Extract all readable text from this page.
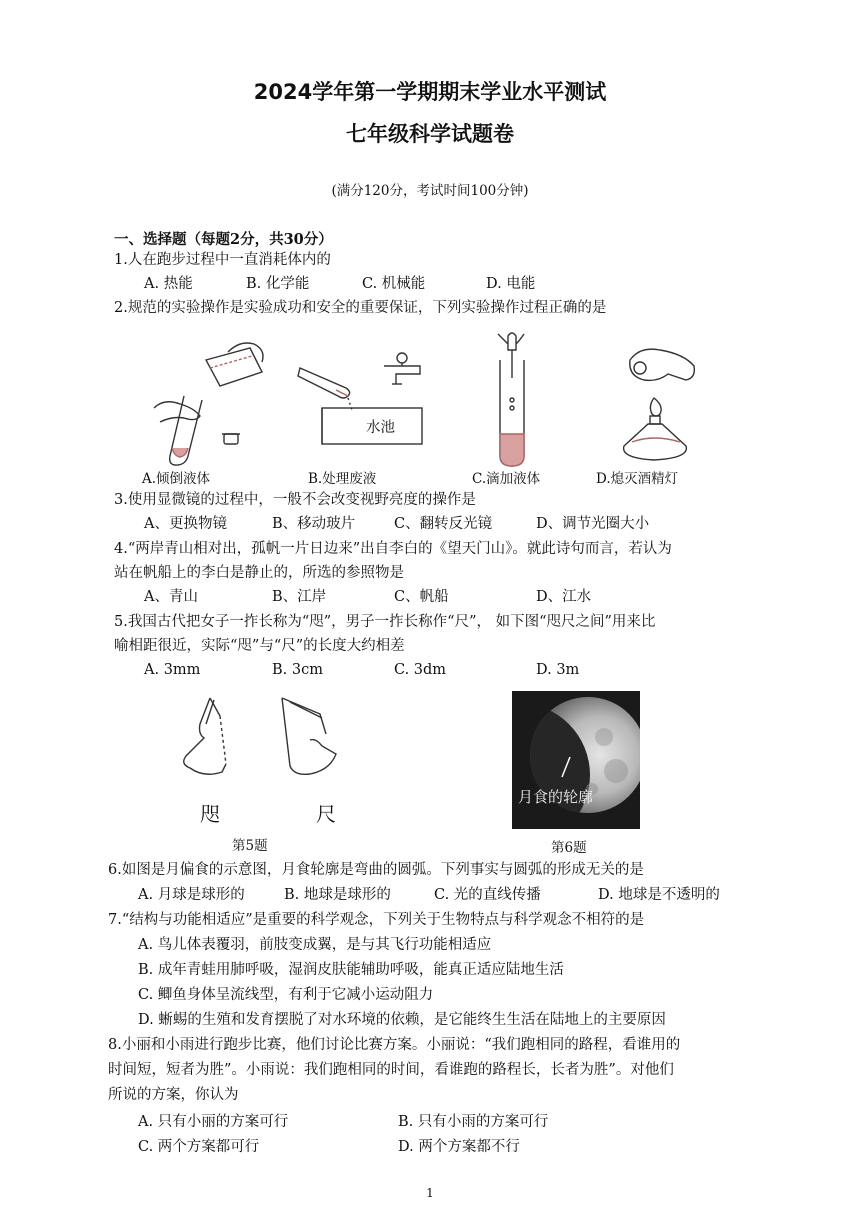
2024学年第一学期期末学业水平测试
七年级科学试题卷
(满分120分，考试时间100分钟)
一、选择题（每题2分，共30分）
1.人在跑步过程中一直消耗体内的
A. 热能	B. 化学能	C. 机械能	D. 电能
2.规范的实验操作是实验成功和安全的重要保证，下列实验操作过程正确的是
A.倾倒液体
水池
B.处理废液	C.滴加液体	D.熄灭酒精灯
3.使用显微镜的过程中，一般不会改变视野亮度的操作是
A、更换物镜	B、移动玻片	C、翻转反光镜	D、调节光圈大小
4.“两岸青山相对出，孤帆一片日边来”出自李白的《望天门山》。就此诗句而言，若认为
站在帆船上的李白是静止的，所选的参照物是
A、青山	B、江岸	C、帆船	D、江水
5.我国古代把女子一拃长称为“咫”，男子一拃长称作“尺”， 如下图“咫尺之间”用来比
喻相距很近，实际“咫”与“尺”的长度大约相差
A. 3mm	B. 3cm	C. 3dm	D. 3m
咫	尺
第5题
月食的轮廓
第6题
6.如图是月偏食的示意图，月食轮廓是弯曲的圆弧。下列事实与圆弧的形成无关的是
A. 月球是球形的	B. 地球是球形的	C. 光的直线传播	D. 地球是不透明的
7.“结构与功能相适应”是重要的科学观念，下列关于生物特点与科学观念不相符的是
A. 鸟儿体表覆羽，前肢变成翼，是与其飞行功能相适应
B. 成年青蛙用肺呼吸，湿润皮肤能辅助呼吸，能真正适应陆地生活
C. 鲫鱼身体呈流线型，有利于它减小运动阻力
D. 蜥蜴的生殖和发育摆脱了对水环境的依赖，是它能终生生活在陆地上的主要原因
8.小丽和小雨进行跑步比赛，他们讨论比赛方案。小丽说：“我们跑相同的路程，看谁用的
时间短，短者为胜”。小雨说：我们跑相同的时间，看谁跑的路程长，长者为胜”。对他们
所说的方案，你认为
A. 只有小丽的方案可行	B. 只有小雨的方案可行
C. 两个方案都可行	D. 两个方案都不行
1
